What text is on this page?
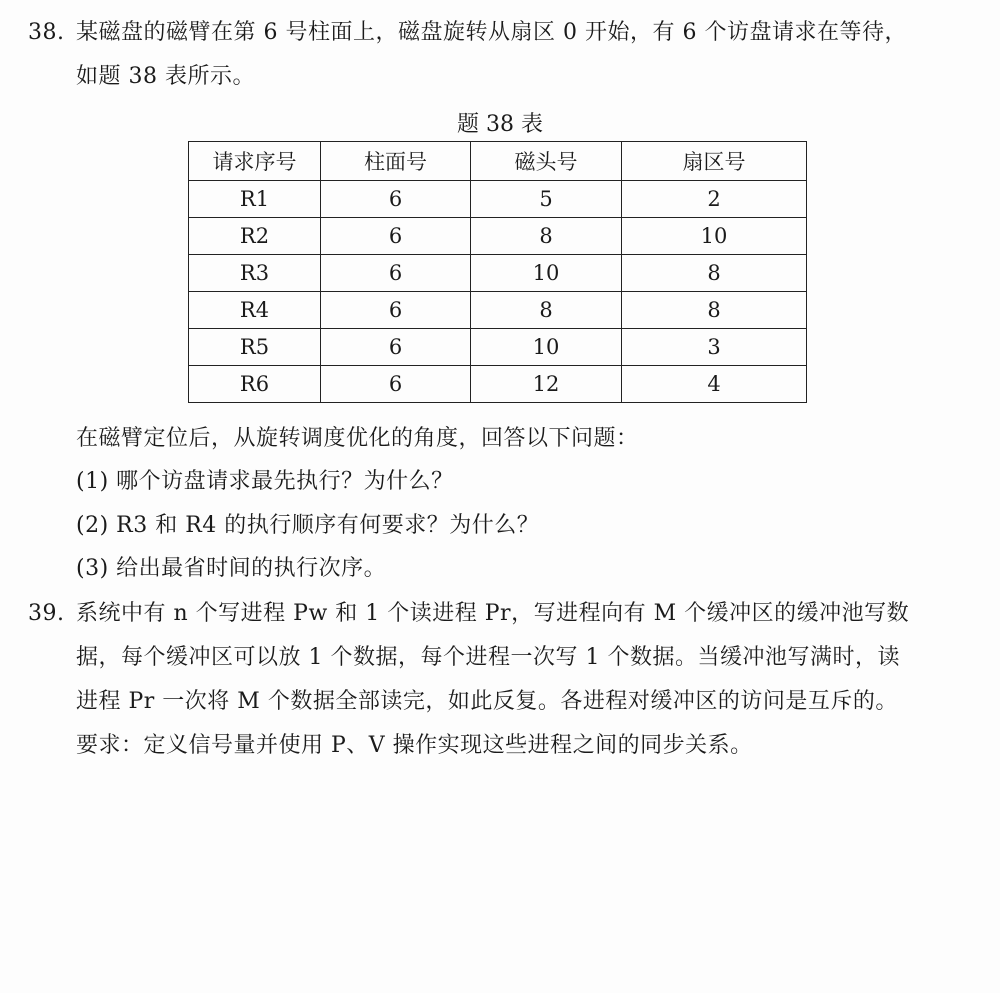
38. 某磁盘的磁臂在第 6 号柱面上，磁盘旋转从扇区 0 开始，有 6 个访盘请求在等待，
如题 38 表所示。
题 38 表
请求序号	柱面号	磁头号	扇区号
R1	6	5	2
R2	6	8	10
R3	6	10	8
R4	6	8	8
R5	6	10	3
R6	6	12	4
在磁臂定位后，从旋转调度优化的角度，回答以下问题：
(1) 哪个访盘请求最先执行？为什么？
(2) R3 和 R4 的执行顺序有何要求？为什么？
(3) 给出最省时间的执行次序。
39. 系统中有 n 个写进程 Pw 和 1 个读进程 Pr，写进程向有 M 个缓冲区的缓冲池写数
据，每个缓冲区可以放 1 个数据，每个进程一次写 1 个数据。当缓冲池写满时，读
进程 Pr 一次将 M 个数据全部读完，如此反复。各进程对缓冲区的访问是互斥的。
要求：定义信号量并使用 P、V 操作实现这些进程之间的同步关系。
